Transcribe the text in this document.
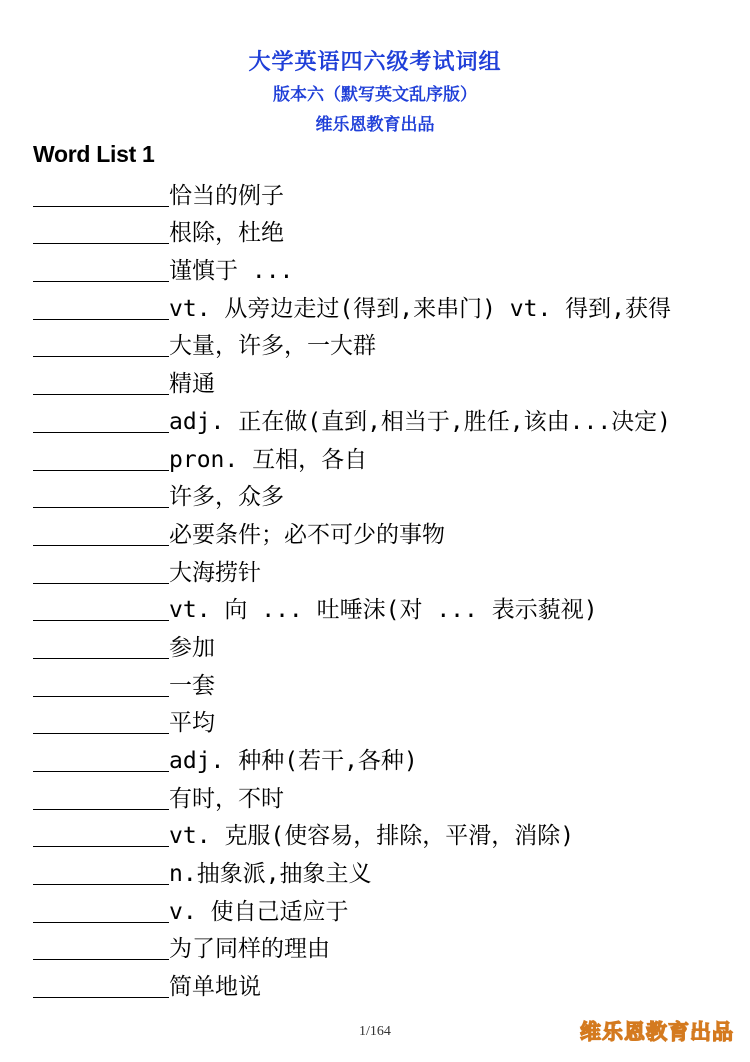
大学英语四六级考试词组
版本六（默写英文乱序版）
维乐恩教育出品
Word List 1
恰当的例子
根除，杜绝
谨慎于 ...
vt. 从旁边走过(得到,来串门) vt. 得到,获得
大量，许多，一大群
精通
adj. 正在做(直到,相当于,胜任,该由...决定)
pron. 互相，各自
许多，众多
必要条件；必不可少的事物
大海捞针
vt. 向 ... 吐唾沫(对 ... 表示藐视)
参加
一套
平均
adj. 种种(若干,各种)
有时，不时
vt. 克服(使容易，排除，平滑，消除)
n.抽象派,抽象主义
v. 使自己适应于
为了同样的理由
简单地说
1/164	维乐恩教育出品
